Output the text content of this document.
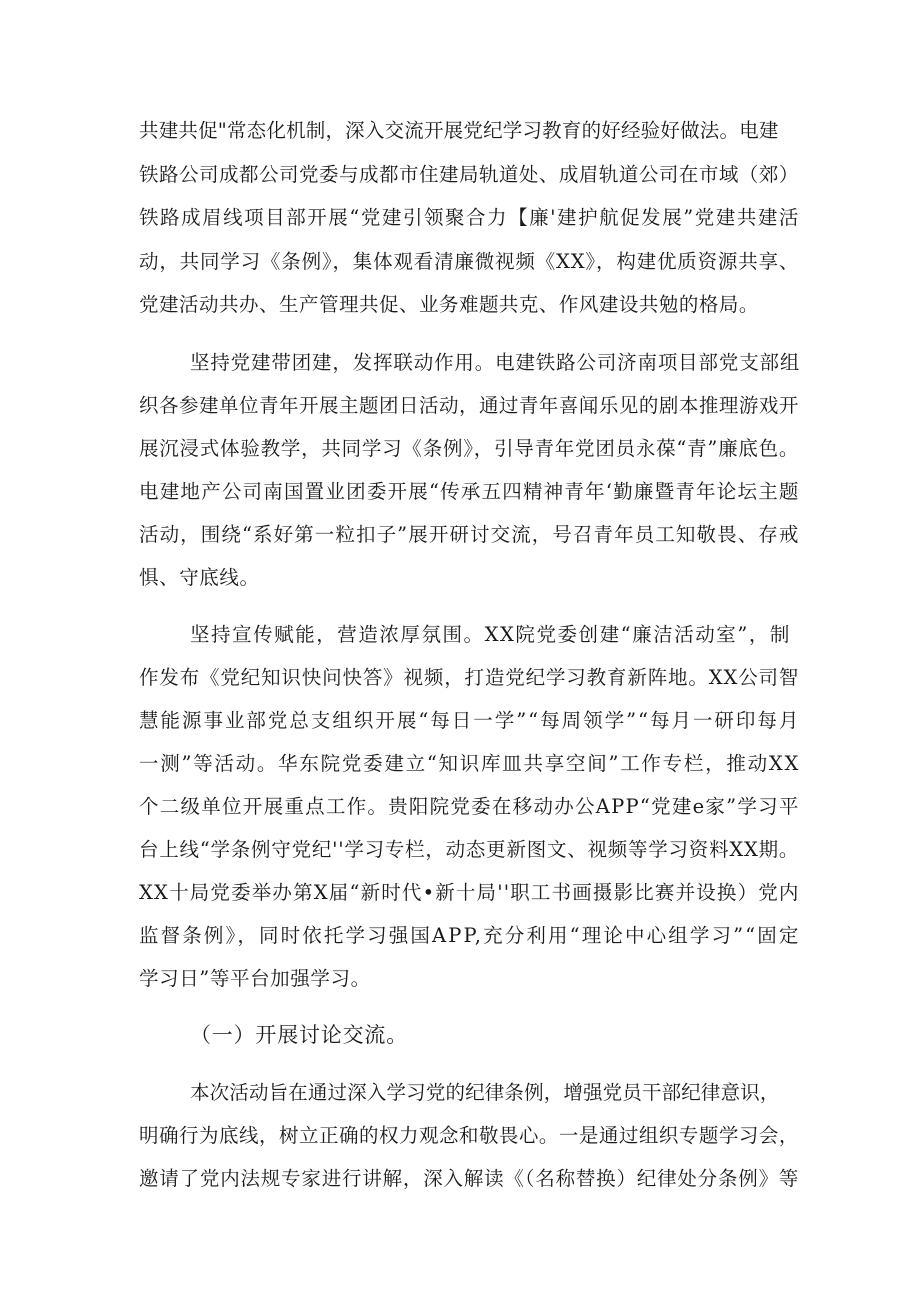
共建共促"常态化机制，深入交流开展党纪学习教育的好经验好做法。电建
铁路公司成都公司党委与成都市住建局轨道处、成眉轨道公司在市域（郊）
铁路成眉线项目部开展“党建引领聚合力【廉'建护航促发展”党建共建活
动，共同学习《条例》，集体观看清廉微视频《XX》，构建优质资源共享、
党建活动共办、生产管理共促、业务难题共克、作风建设共勉的格局。
坚持党建带团建，发挥联动作用。电建铁路公司济南项目部党支部组
织各参建单位青年开展主题团日活动，通过青年喜闻乐见的剧本推理游戏开
展沉浸式体验教学，共同学习《条例》，引导青年党团员永葆“青”廉底色。
电建地产公司南国置业团委开展“传承五四精神青年‘勤廉暨青年论坛主题
活动，围绕“系好第一粒扣子”展开研讨交流，号召青年员工知敬畏、存戒
惧、守底线。
坚持宣传赋能，营造浓厚氛围。XX院党委创建“廉洁活动室”，制
作发布《党纪知识快问快答》视频，打造党纪学习教育新阵地。XX公司智
慧能源事业部党总支组织开展“每日一学”“每周领学”“每月一研印每月
一测”等活动。华东院党委建立“知识库皿共享空间”工作专栏，推动XX
个二级单位开展重点工作。贵阳院党委在移动办公APP“党建e家”学习平
台上线“学条例守党纪''学习专栏，动态更新图文、视频等学习资料XX期。
XX十局党委举办第X届“新时代•新十局''职工书画摄影比赛并设换）党内
监督条例》，同时依托学习强国APP,充分利用“理论中心组学习”“固定
学习日”等平台加强学习。
（一）开展讨论交流。
本次活动旨在通过深入学习党的纪律条例，增强党员干部纪律意识，
明确行为底线，树立正确的权力观念和敬畏心。一是通过组织专题学习会，
邀请了党内法规专家进行讲解，深入解读《（名称替换）纪律处分条例》等
